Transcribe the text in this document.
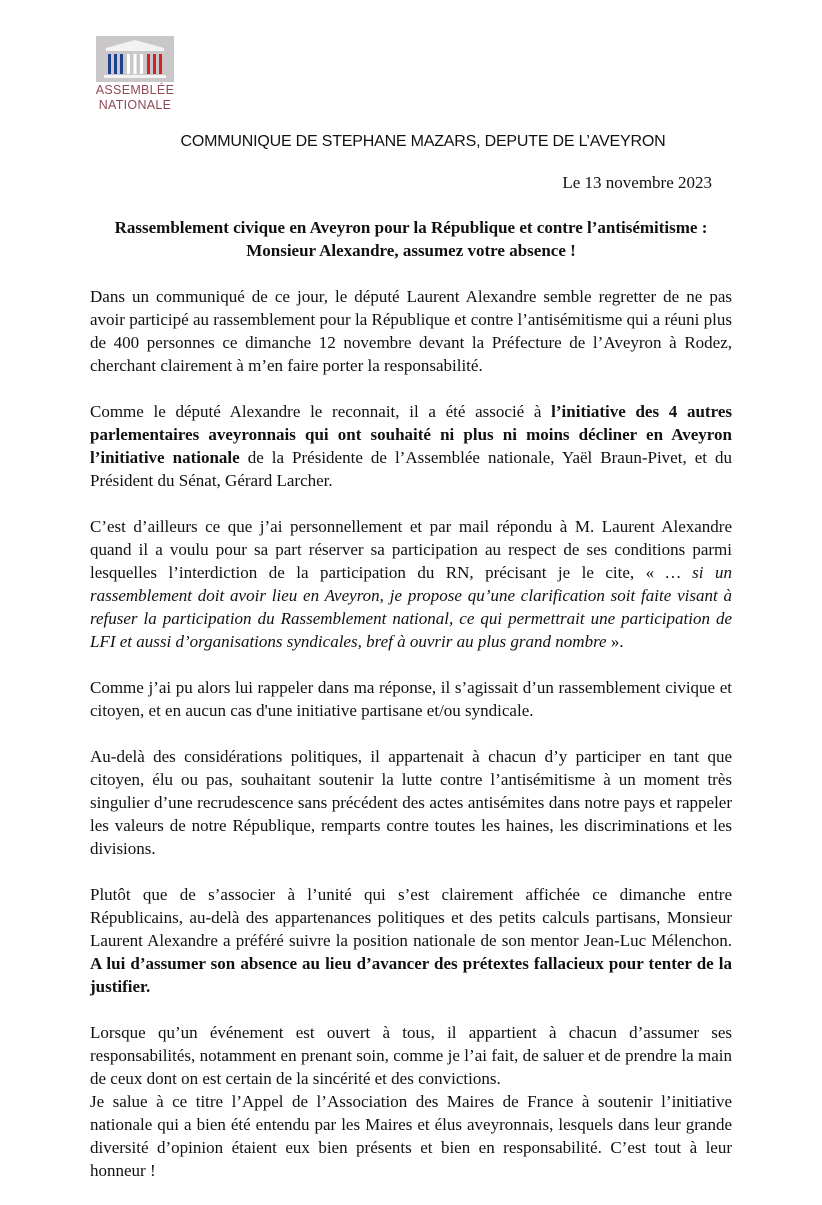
ASSEMBLÉE
NATIONALE
COMMUNIQUE DE STEPHANE MAZARS, DEPUTE DE L’AVEYRON
Le 13 novembre 2023
Rassemblement civique en Aveyron pour la République et contre l’antisémitisme :
Monsieur Alexandre, assumez votre absence !

Dans un communiqué de ce jour, le député Laurent Alexandre semble regretter de ne pas avoir participé au rassemblement pour la République et contre l’antisémitisme qui a réuni plus de 400 personnes ce dimanche 12 novembre devant la Préfecture de l’Aveyron à Rodez, cherchant clairement à m’en faire porter la responsabilité.

Comme le député Alexandre le reconnait, il a été associé à l’initiative des 4 autres parlementaires aveyronnais qui ont souhaité ni plus ni moins décliner en Aveyron l’initiative nationale de la Présidente de l’Assemblée nationale, Yaël Braun-Pivet, et du Président du Sénat, Gérard Larcher.

C’est d’ailleurs ce que j’ai personnellement et par mail répondu à M. Laurent Alexandre quand il a voulu pour sa part réserver sa participation au respect de ses conditions parmi lesquelles l’interdiction de la participation du RN, précisant je le cite, « … si un rassemblement doit avoir lieu en Aveyron, je propose qu’une clarification soit faite visant à refuser la participation du Rassemblement national, ce qui permettrait une participation de LFI et aussi d’organisations syndicales, bref à ouvrir au plus grand nombre ».

Comme j’ai pu alors lui rappeler dans ma réponse, il s’agissait d’un rassemblement civique et citoyen, et en aucun cas d'une initiative partisane et/ou syndicale.

Au-delà des considérations politiques, il appartenait à chacun d’y participer en tant que citoyen, élu ou pas, souhaitant soutenir la lutte contre l’antisémitisme à un moment très singulier d’une recrudescence sans précédent des actes antisémites dans notre pays et rappeler les valeurs de notre République, remparts contre toutes les haines, les discriminations et les divisions.

Plutôt que de s’associer à l’unité qui s’est clairement affichée ce dimanche entre Républicains, au-delà des appartenances politiques et des petits calculs partisans, Monsieur Laurent Alexandre a préféré suivre la position nationale de son mentor Jean-Luc Mélenchon. A lui d’assumer son absence au lieu d’avancer des prétextes fallacieux pour tenter de la justifier.

Lorsque qu’un événement est ouvert à tous, il appartient à chacun d’assumer ses responsabilités, notamment en prenant soin, comme je l’ai fait, de saluer et de prendre la main de ceux dont on est certain de la sincérité et des convictions.

Je salue à ce titre l’Appel de l’Association des Maires de France à soutenir l’initiative nationale qui a bien été entendu par les Maires et élus aveyronnais, lesquels dans leur grande diversité d’opinion étaient eux bien présents et bien en responsabilité. C’est tout à leur honneur !
